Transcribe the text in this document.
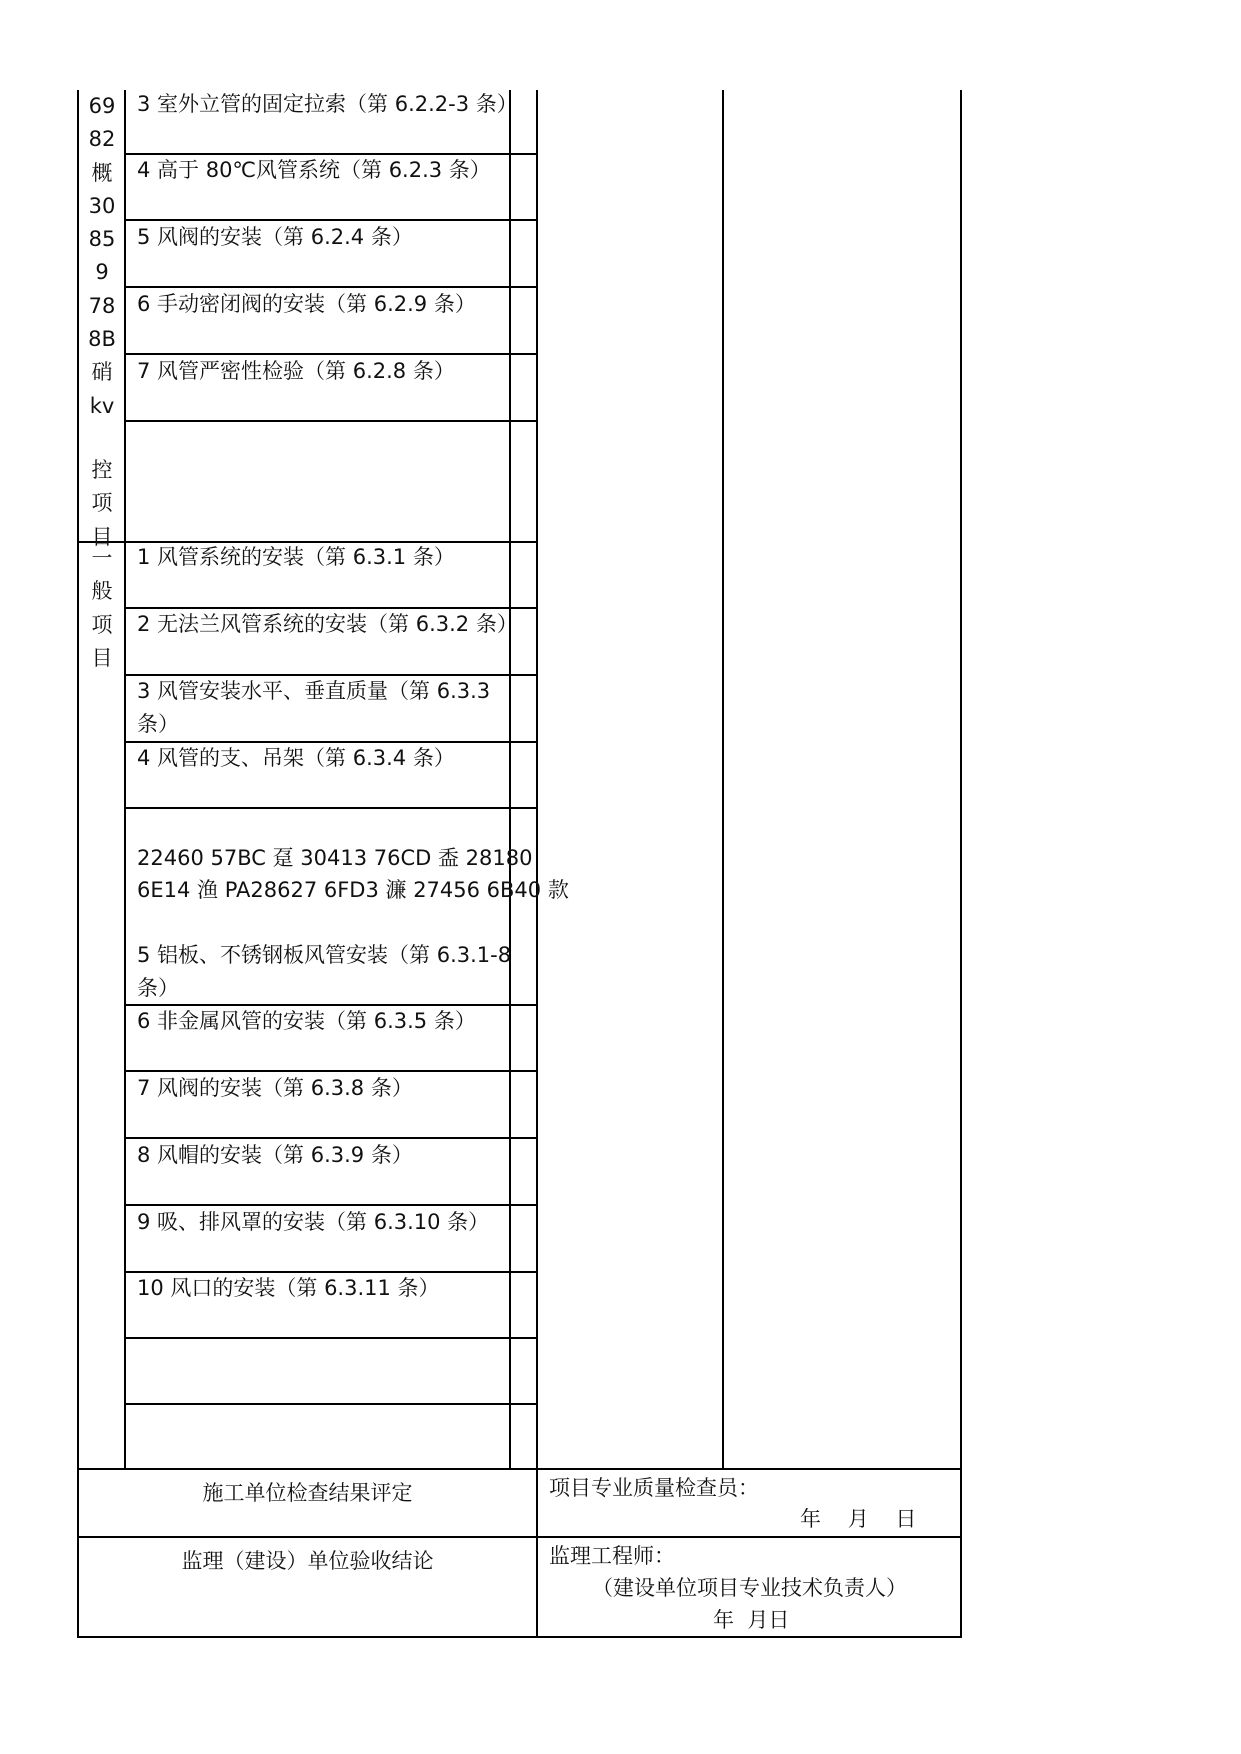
69
82
概
30
85
9
78
8B
硝
kv
控
项
目
一
般
项
目
3 室外立管的固定拉索（第 6.2.2-3 条）
4 高于 80℃风管系统（第 6.2.3 条）
5 风阀的安装（第 6.2.4 条）
6 手动密闭阀的安装（第 6.2.9 条）
7 风管严密性检验（第 6.2.8 条）
1 风管系统的安装（第 6.3.1 条）
2 无法兰风管系统的安装（第 6.3.2 条）
3 风管安装水平、垂直质量（第 6.3.3
条）
4 风管的支、吊架（第 6.3.4 条）
22460 57BC 趸 30413 76CD 盉 28180
6E14 渔 PA28627 6FD3 濂 27456 6B40 款
5 铝板、不锈钢板风管安装（第 6.3.1-8
条）
6 非金属风管的安装（第 6.3.5 条）
7 风阀的安装（第 6.3.8 条）
8 风帽的安装（第 6.3.9 条）
9 吸、排风罩的安装（第 6.3.10 条）
10 风口的安装（第 6.3.11 条）
施工单位检查结果评定	项目专业质量检查员：
年    月    日
监理（建设）单位验收结论	监理工程师：
（建设单位项目专业技术负责人）
年  月日
